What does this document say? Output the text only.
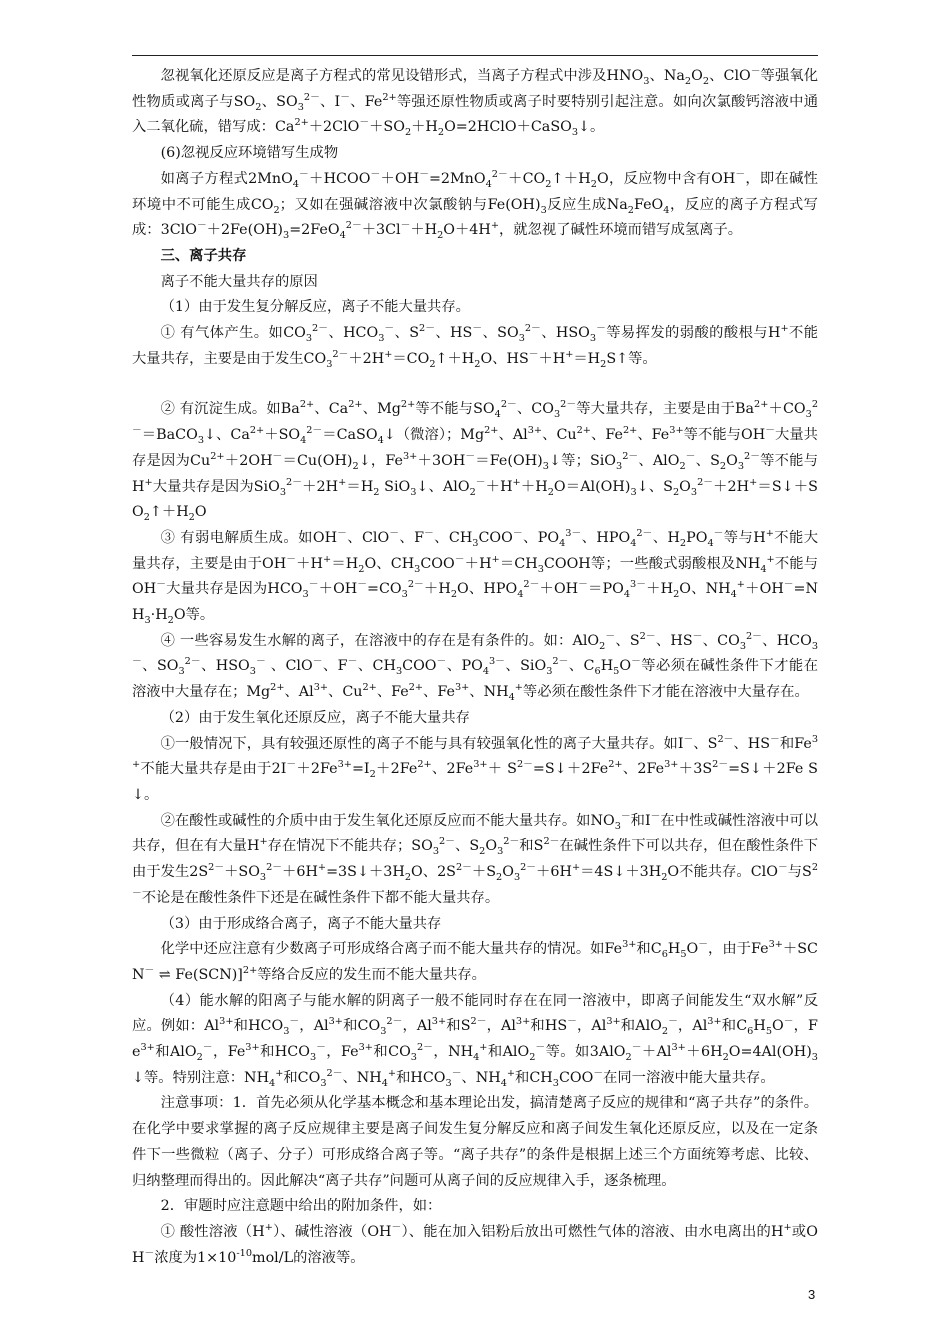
忽视氧化还原反应是离子方程式的常见设错形式，当离子方程式中涉及$HNO_3$、$Na_2O_2$、ClO－等强氧化性物质或离子与$SO_2$、$SO_3^{2-}$、I－、$Fe^{2+}$等强还原性物质或离子时要特别引起注意。如向次氯酸钙溶液中通入二氧化硫，错写成：$Ca^{2+}+2ClO^-+SO_2+H_2O=2HClO+CaSO_3↓$。

(6)忽视反应环境错写生成物

如离子方程式$2MnO_4^-+HCOO^-+OH^-=2MnO_4^{2-}+CO_2↑+H_2O$，反应物中含有OH－，即在碱性环境中不可能生成$CO_2$；又如在强碱溶液中次氯酸钠与$Fe(OH)_3$反应生成$Na_2FeO_4$，反应的离子方程式写成：$3ClO^-+2Fe(OH)_3=2FeO_4^{2-}+3Cl^-+H_2O+4H^+$，就忽视了碱性环境而错写成氢离子。

三、离子共存

离子不能大量共存的原因

（1）由于发生复分解反应，离子不能大量共存。

① 有气体产生。如$CO_3^{2-}$、$HCO_3^-$、$S^{2-}$、HS－、$SO_3^{2-}$、$HSO_3^-$等易挥发的弱酸的酸根与H+不能大量共存，主要是由于发生$CO_3^{2-}+2H^+=CO_2↑+H_2O$、$HS^-+H^+=H_2S↑$等。

② 有沉淀生成。如$Ba^{2+}$、$Ca^{2+}$、$Mg^{2+}$等不能与$SO_4^{2-}$、$CO_3^{2-}$等大量共存，主要是由于$Ba^{2+}+CO_3^{2-}=BaCO_3↓$、$Ca^{2+}+SO_4^{2-}=CaSO_4↓$（微溶）；$Mg^{2+}$、$Al^{3+}$、$Cu^{2+}$、$Fe^{2+}$、$Fe^{3+}$等不能与OH－大量共存是因为$Cu^{2+}+2OH^-=Cu(OH)_2↓$，$Fe^{3+}+3OH^-=Fe(OH)_3↓$等；SiO$_3^{2-}$、AlO$_2$－、$S_2O_3^{2-}$等不能与H+大量共存是因为$SiO_3^{2-}+2H^+=H_2$ SiO$_3$↓、$AlO_2^-+H^++H_2O=Al(OH)_3↓$、$S_2O_3^{2-}+2H^+=S↓+SO_2↑+H_2O$

③ 有弱电解质生成。如OH－、ClO－、F－、$CH_3COO^-$、$PO_4^{3-}$、$HPO_4^{2-}$、$H_2PO_4^-$等与H+不能大量共存，主要是由于$OH^-+H^+=H_2O$、$CH_3COO^-+H^+=CH_3COOH$等；一些酸式弱酸根及$NH_4^+$不能与OH－大量共存是因为$HCO_3^-+OH^-=CO_3^{2-}+H_2O$、$HPO_4^{2-}+OH^-=PO_4^{3-}+H_2O$、$NH_4^++OH^-=NH_3\cdot H_2O$等。

④ 一些容易发生水解的离子，在溶液中的存在是有条件的。如：AlO$_2$－、$S^{2-}$、HS－、$CO_3^{2-}$、$HCO_3^-$、$SO_3^{2-}$、$HSO_3^-$ 、ClO－、F－、$CH_3COO^-$、$PO_4^{3-}$、SiO$_3^{2-}$、$C_6H_5O^-$等必须在碱性条件下才能在溶液中大量存在；$Mg^{2+}$、$Al^{3+}$、$Cu^{2+}$、$Fe^{2+}$、$Fe^{3+}$、$NH_4^+$等必须在酸性条件下才能在溶液中大量存在。

（2）由于发生氧化还原反应，离子不能大量共存

①一般情况下，具有较强还原性的离子不能与具有较强氧化性的离子大量共存。如I－、$S^{2-}$、HS－和$Fe^{3+}$不能大量共存是由于$2I^-+2Fe^{3+}=I_2+2Fe^{2+}$、$2Fe^{3+}+$ $S^{2-}=S↓+2Fe^{2+}$、$2Fe^{3+}+3S^{2-}=S↓+2Fe$ S↓。

②在酸性或碱性的介质中由于发生氧化还原反应而不能大量共存。如$NO_3^-$和I－在中性或碱性溶液中可以共存，但在有大量H+存在情况下不能共存；$SO_3^{2-}$、$S_2O_3^{2-}$和$S^{2-}$在碱性条件下可以共存，但在酸性条件下由于发生$2S^{2-}+SO_3^{2-}+6H^+=3S↓+3H_2O$、$2S^{2-}+S_2O_3^{2-}+6H^+=4S↓+3H_2O$不能共存。ClO－与$S^{2-}$不论是在酸性条件下还是在碱性条件下都不能大量共存。

（3）由于形成络合离子，离子不能大量共存

化学中还应注意有少数离子可形成络合离子而不能大量共存的情况。如$Fe^{3+}$和$C_6H_5O^-$，由于$Fe^{3+}+SCN^-$ ⇌ Fe(SCN)]$^{2+}$等络合反应的发生而不能大量共存。

（4）能水解的阳离子与能水解的阴离子一般不能同时存在在同一溶液中，即离子间能发生“双水解”反应。例如：$Al^{3+}$和$HCO_3^-$，$Al^{3+}$和$CO_3^{2-}$，$Al^{3+}$和$S^{2-}$，$Al^{3+}$和HS－，$Al^{3+}$和AlO$_2$－，$Al^{3+}$和$C_6H_5O^-$，$Fe^{3+}$和AlO$_2$－，$Fe^{3+}$和$HCO_3^-$，$Fe^{3+}$和$CO_3^{2-}$，$NH_4^+$和AlO$_2$－等。如$3AlO_2^-+Al^{3+}+6H_2O=4Al(OH)_3↓$等。特别注意：$NH_4^+$和$CO_3^{2-}$、$NH_4^+$和$HCO_3^-$、$NH_4^+$和$CH_3COO^-$在同一溶液中能大量共存。

注意事项：1．首先必须从化学基本概念和基本理论出发，搞清楚离子反应的规律和“离子共存”的条件。在化学中要求掌握的离子反应规律主要是离子间发生复分解反应和离子间发生氧化还原反应，以及在一定条件下一些微粒（离子、分子）可形成络合离子等。“离子共存”的条件是根据上述三个方面统筹考虑、比较、归纳整理而得出的。因此解决“离子共存”问题可从离子间的反应规律入手，逐条梳理。

2．审题时应注意题中给出的附加条件，如：

① 酸性溶液（H+）、碱性溶液（OH－）、能在加入铝粉后放出可燃性气体的溶液、由水电离出的H+或OH－浓度为$1\times 10^{-10}mol/L$的溶液等。

3
